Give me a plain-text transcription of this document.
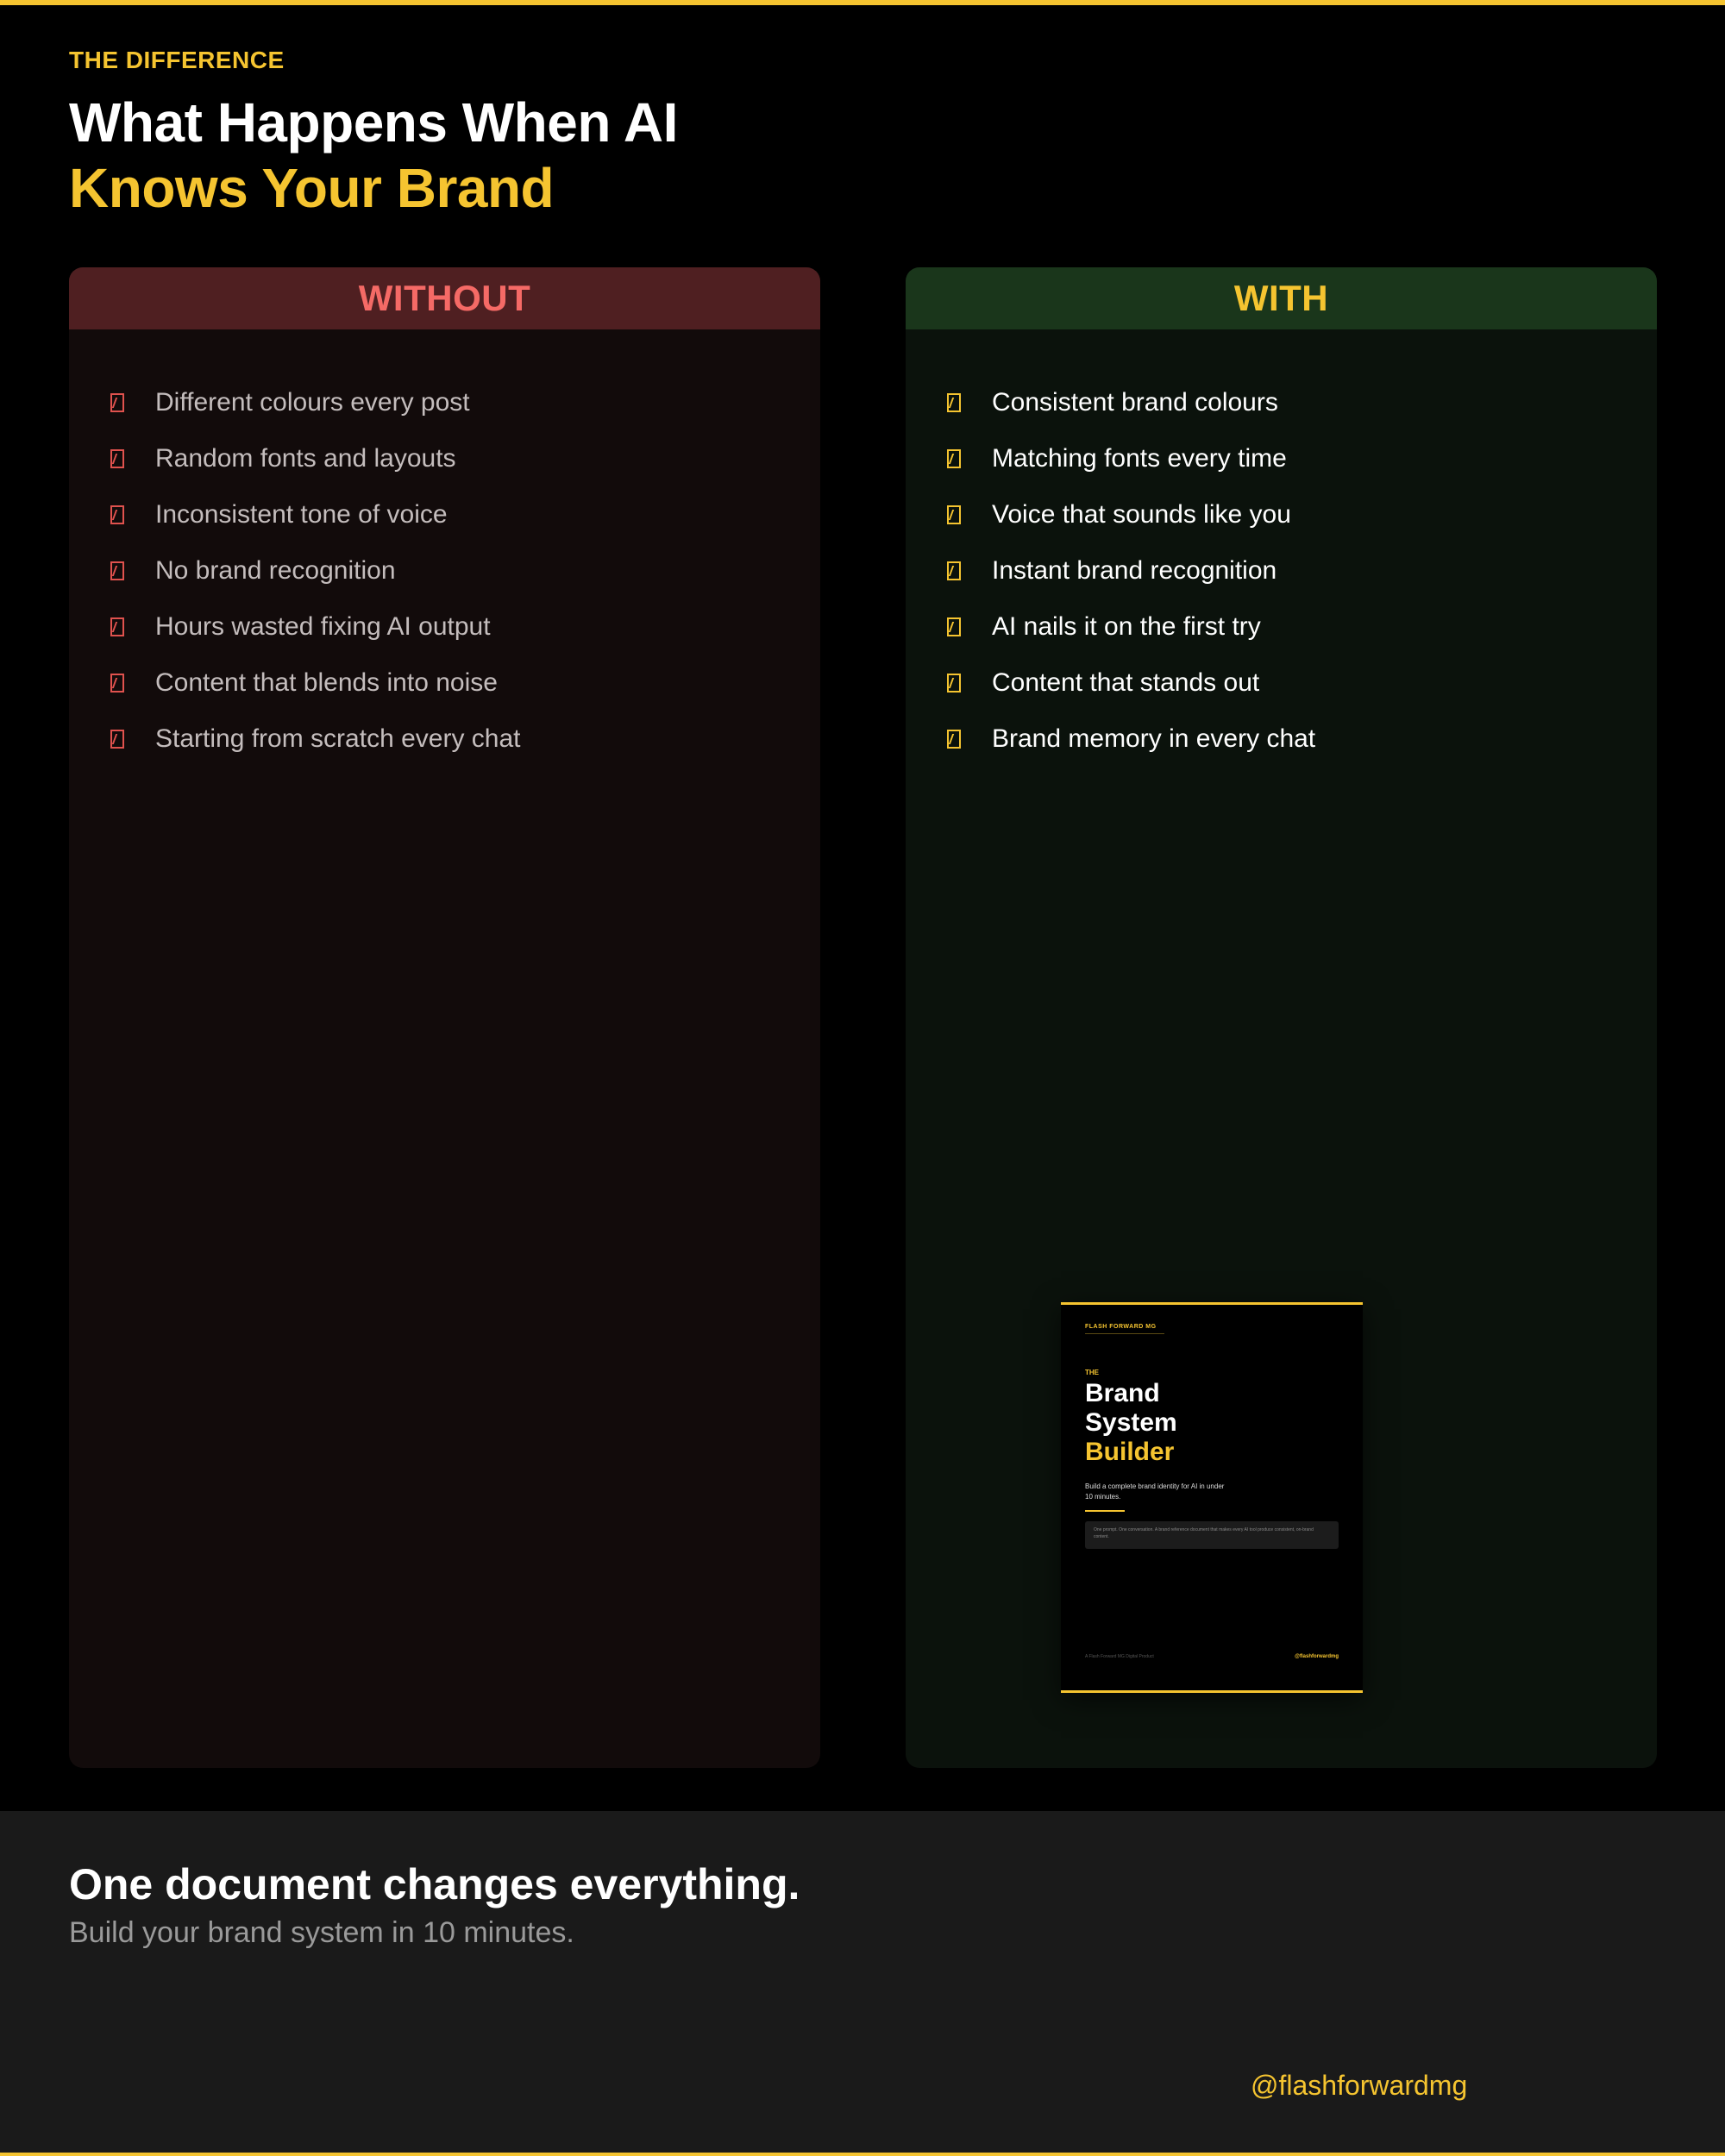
THE DIFFERENCE
What Happens When AI
Knows Your Brand
WITHOUT
Different colours every post
Random fonts and layouts
Inconsistent tone of voice
No brand recognition
Hours wasted fixing AI output
Content that blends into noise
Starting from scratch every chat
WITH
Consistent brand colours
Matching fonts every time
Voice that sounds like you
Instant brand recognition
AI nails it on the first try
Content that stands out
Brand memory in every chat
FLASH FORWARD MG
THE
Brand
System
Builder
Build a complete brand identity for AI in under 10 minutes.
One prompt. One conversation. A brand reference document that makes every AI tool produce consistent, on-brand content.
A Flash Forward MG Digital Product	@flashforwardmg
One document changes everything.
Build your brand system in 10 minutes.
@flashforwardmg
